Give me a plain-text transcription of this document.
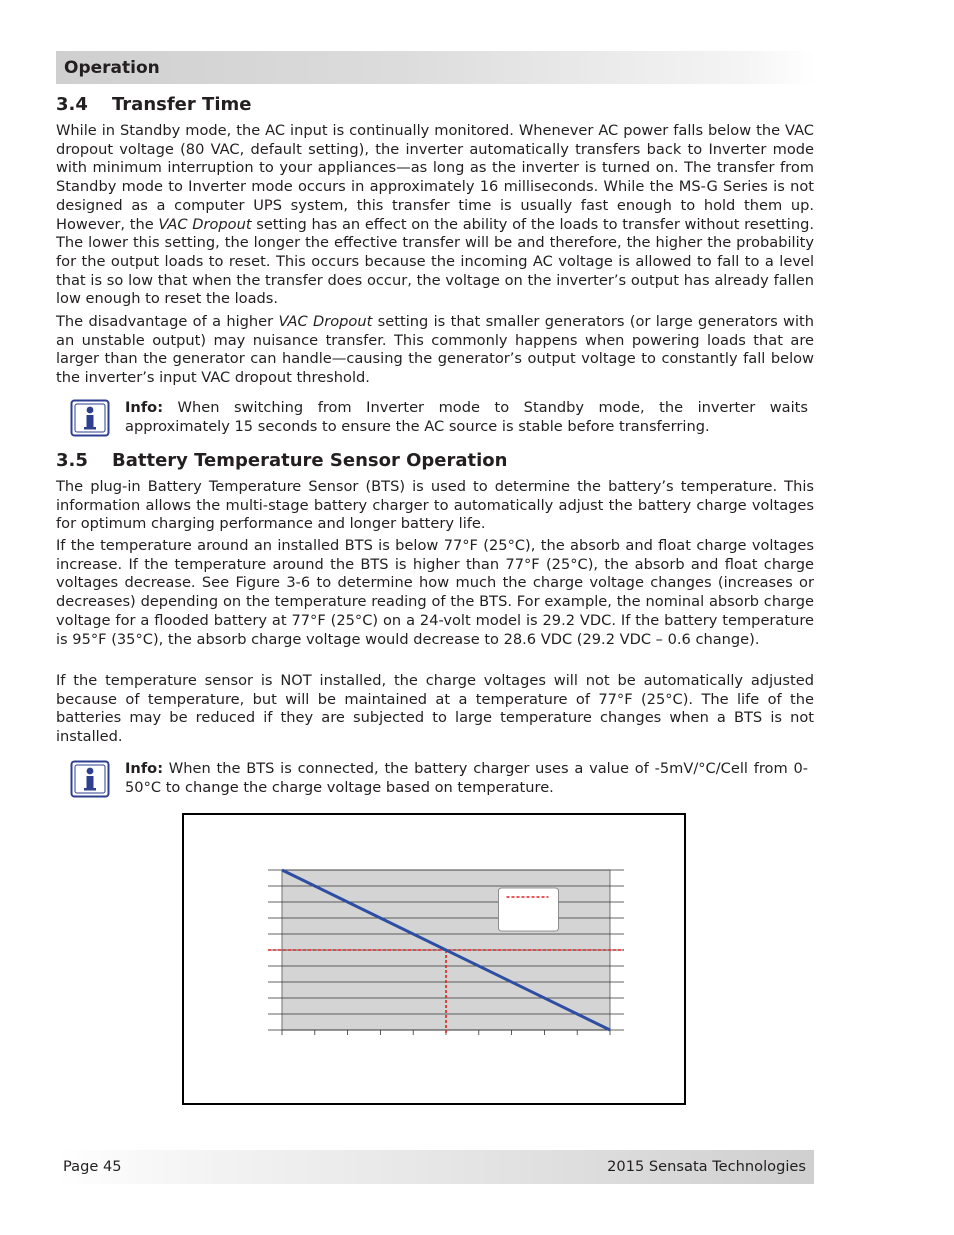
Operation
3.4 Transfer Time

While in Standby mode, the AC input is continually monitored. Whenever AC power falls below the VAC dropout voltage (80 VAC, default setting), the inverter automatically transfers back to Inverter mode with minimum interruption to your appliances—as long as the inverter is turned on. The transfer from Standby mode to Inverter mode occurs in approximately 16 milliseconds. While the MS-G Series is not designed as a computer UPS system, this transfer time is usually fast enough to hold them up. However, the VAC Dropout setting has an effect on the ability of the loads to transfer without resetting. The lower this setting, the longer the effective transfer will be and therefore, the higher the probability for the output loads to reset. This occurs because the incoming AC voltage is allowed to fall to a level that is so low that when the transfer does occur, the voltage on the inverter’s output has already fallen low enough to reset the loads.

The disadvantage of a higher VAC Dropout setting is that smaller generators (or large generators with an unstable output) may nuisance transfer. This commonly happens when powering loads that are larger than the generator can handle—causing the generator’s output voltage to constantly fall below the inverter’s input VAC dropout threshold.

Info: When switching from Inverter mode to Standby mode, the inverter waits approximately 15 seconds to ensure the AC source is stable before transferring.

3.5 Battery Temperature Sensor Operation

The plug-in Battery Temperature Sensor (BTS) is used to determine the battery’s temperature. This information allows the multi-stage battery charger to automatically adjust the battery charge voltages for optimum charging performance and longer battery life.

If the temperature around an installed BTS is below 77°F (25°C), the absorb and float charge voltages increase. If the temperature around the BTS is higher than 77°F (25°C), the absorb and float charge voltages decrease. See Figure 3-6 to determine how much the charge voltage changes (increases or decreases) depending on the temperature reading of the BTS. For example, the nominal absorb charge voltage for a flooded battery at 77°F (25°C) on a 24-volt model is 29.2 VDC. If the battery temperature is 95°F (35°C), the absorb charge voltage would decrease to 28.6 VDC (29.2 VDC – 0.6 change).

If the temperature sensor is NOT installed, the charge voltages will not be automatically adjusted because of temperature, but will be maintained at a temperature of 77°F (25°C). The life of the batteries may be reduced if they are subjected to large temperature changes when a BTS is not installed.

Info: When the BTS is connected, the battery charger uses a value of -5mV/°C/Cell from 0-50°C to change the charge voltage based on temperature.

Page 45	2015 Sensata Technologies
